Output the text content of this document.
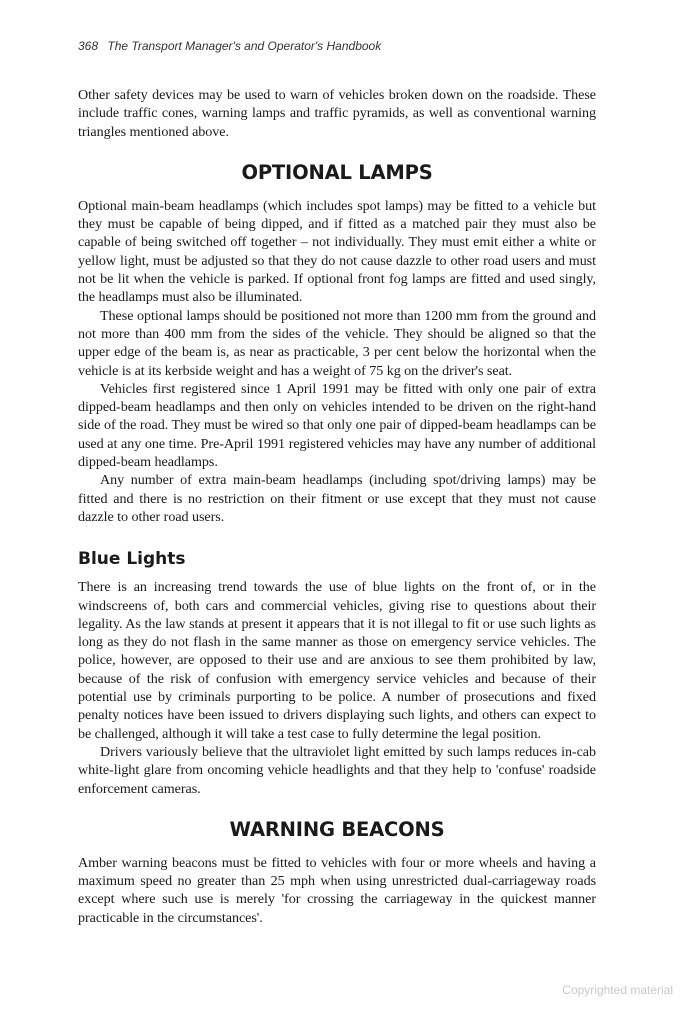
368 The Transport Manager's and Operator's Handbook

Other safety devices may be used to warn of vehicles broken down on the roadside. These include traffic cones, warning lamps and traffic pyramids, as well as conventional warning triangles mentioned above.

OPTIONAL LAMPS

Optional main-beam headlamps (which includes spot lamps) may be fitted to a vehicle but they must be capable of being dipped, and if fitted as a matched pair they must also be capable of being switched off together – not individually. They must emit either a white or yellow light, must be adjusted so that they do not cause dazzle to other road users and must not be lit when the vehicle is parked. If optional front fog lamps are fitted and used singly, the headlamps must also be illuminated.

These optional lamps should be positioned not more than 1200 mm from the ground and not more than 400 mm from the sides of the vehicle. They should be aligned so that the upper edge of the beam is, as near as practicable, 3 per cent below the horizontal when the vehicle is at its kerbside weight and has a weight of 75 kg on the driver's seat.

Vehicles first registered since 1 April 1991 may be fitted with only one pair of extra dipped-beam headlamps and then only on vehicles intended to be driven on the right-hand side of the road. They must be wired so that only one pair of dipped-beam headlamps can be used at any one time. Pre-April 1991 registered vehicles may have any number of additional dipped-beam headlamps.

Any number of extra main-beam headlamps (including spot/driving lamps) may be fitted and there is no restriction on their fitment or use except that they must not cause dazzle to other road users.

Blue Lights

There is an increasing trend towards the use of blue lights on the front of, or in the windscreens of, both cars and commercial vehicles, giving rise to questions about their legality. As the law stands at present it appears that it is not illegal to fit or use such lights as long as they do not flash in the same manner as those on emergency service vehicles. The police, however, are opposed to their use and are anxious to see them prohibited by law, because of the risk of confusion with emergency service vehicles and because of their potential use by criminals purporting to be police. A number of prosecutions and fixed penalty notices have been issued to drivers displaying such lights, and others can expect to be challenged, although it will take a test case to fully determine the legal position.

Drivers variously believe that the ultraviolet light emitted by such lamps reduces in-cab white-light glare from oncoming vehicle headlights and that they help to 'confuse' roadside enforcement cameras.

WARNING BEACONS

Amber warning beacons must be fitted to vehicles with four or more wheels and having a maximum speed no greater than 25 mph when using unrestricted dual-carriageway roads except where such use is merely 'for crossing the carriageway in the quickest manner practicable in the circumstances'.

Copyrighted material
